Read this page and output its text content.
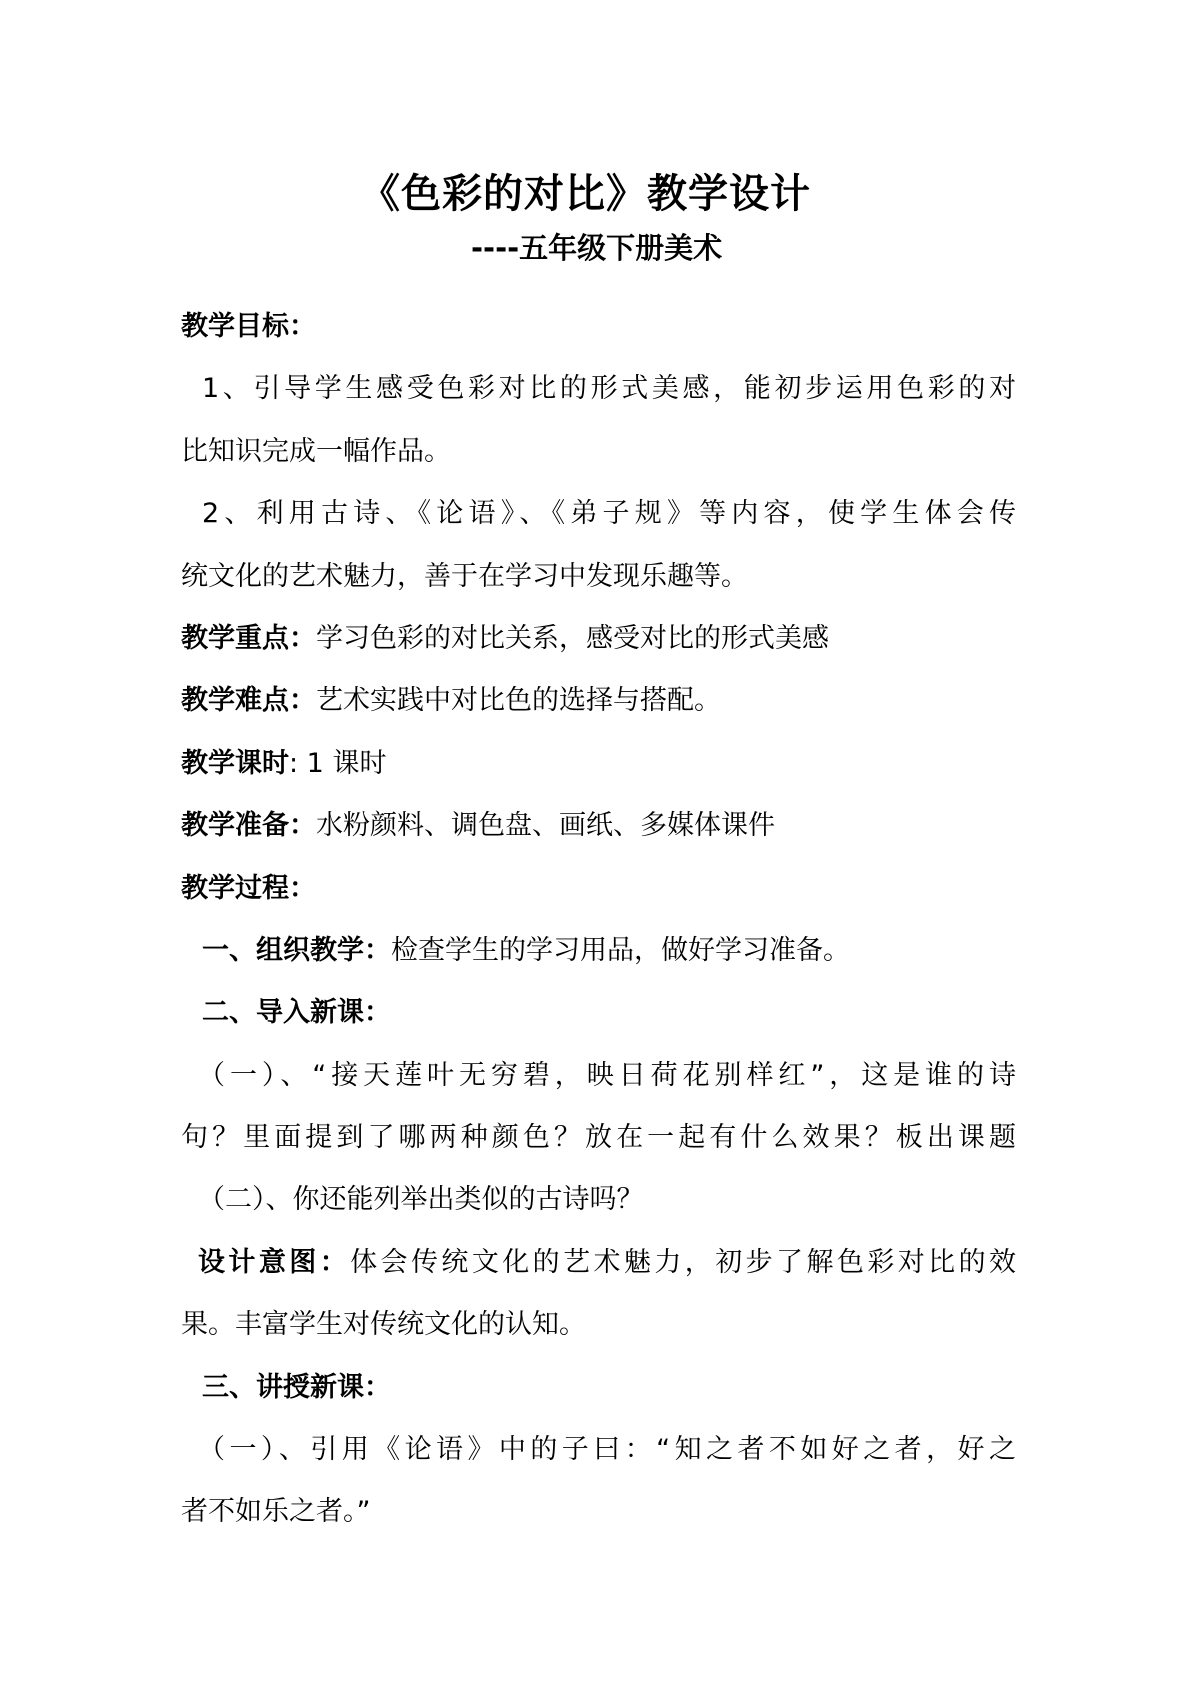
《色彩的对比》教学设计
----五年级下册美术
教学目标：
1、引导学生感受色彩对比的形式美感，能初步运用色彩的对
比知识完成一幅作品。
2、利用古诗、《论语》、《弟子规》等内容，使学生体会传
统文化的艺术魅力，善于在学习中发现乐趣等。
教学重点：学习色彩的对比关系，感受对比的形式美感
教学难点：艺术实践中对比色的选择与搭配。
教学课时: 1 课时
教学准备：水粉颜料、调色盘、画纸、多媒体课件
教学过程：
一、组织教学：检查学生的学习用品，做好学习准备。
二、导入新课：
（一）、“接天莲叶无穷碧，映日荷花别样红”，这是谁的诗
句？里面提到了哪两种颜色？放在一起有什么效果？板出课题
（二）、你还能列举出类似的古诗吗？
设计意图：体会传统文化的艺术魅力，初步了解色彩对比的效
果。丰富学生对传统文化的认知。
三、讲授新课：
（一）、引用《论语》中的子曰：“知之者不如好之者，好之
者不如乐之者。”
